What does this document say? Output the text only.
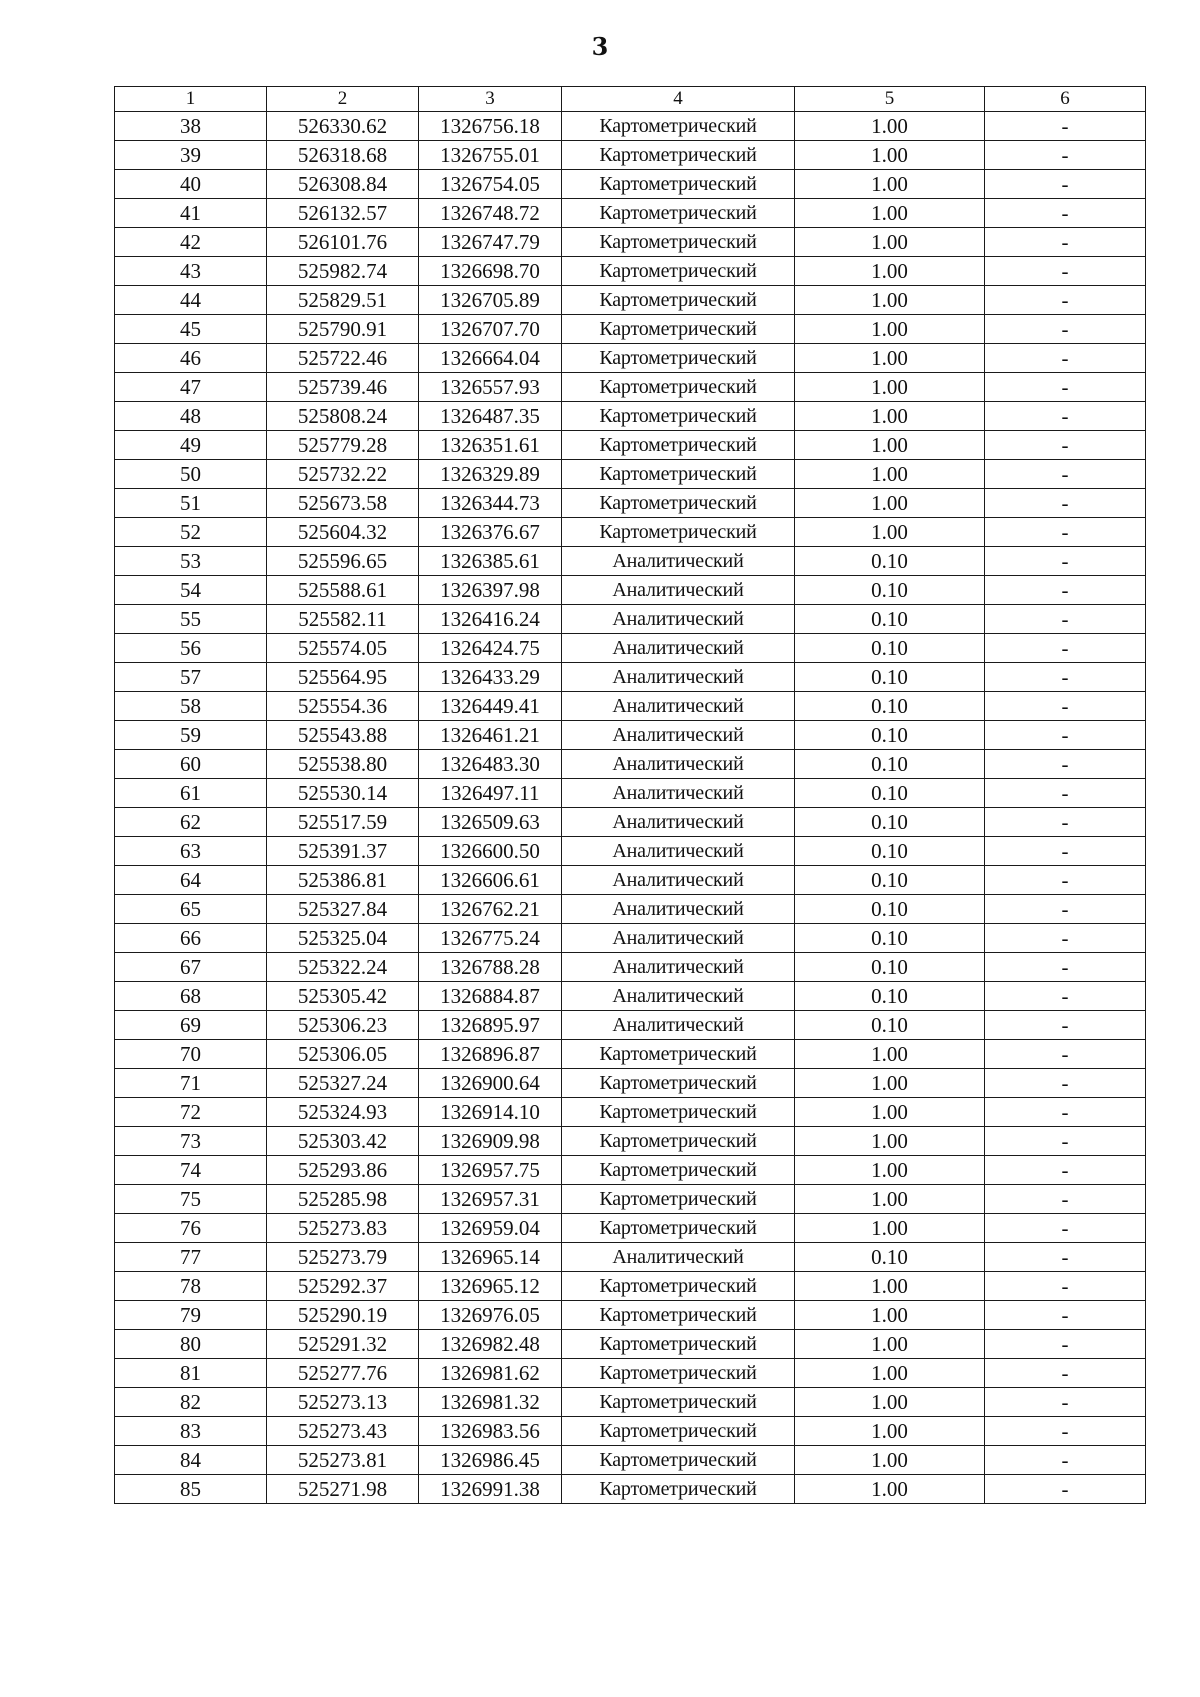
3
1	2	3	4	5	6
38	526330.62	1326756.18	Картометрический	1.00	-
39	526318.68	1326755.01	Картометрический	1.00	-
40	526308.84	1326754.05	Картометрический	1.00	-
41	526132.57	1326748.72	Картометрический	1.00	-
42	526101.76	1326747.79	Картометрический	1.00	-
43	525982.74	1326698.70	Картометрический	1.00	-
44	525829.51	1326705.89	Картометрический	1.00	-
45	525790.91	1326707.70	Картометрический	1.00	-
46	525722.46	1326664.04	Картометрический	1.00	-
47	525739.46	1326557.93	Картометрический	1.00	-
48	525808.24	1326487.35	Картометрический	1.00	-
49	525779.28	1326351.61	Картометрический	1.00	-
50	525732.22	1326329.89	Картометрический	1.00	-
51	525673.58	1326344.73	Картометрический	1.00	-
52	525604.32	1326376.67	Картометрический	1.00	-
53	525596.65	1326385.61	Аналитический	0.10	-
54	525588.61	1326397.98	Аналитический	0.10	-
55	525582.11	1326416.24	Аналитический	0.10	-
56	525574.05	1326424.75	Аналитический	0.10	-
57	525564.95	1326433.29	Аналитический	0.10	-
58	525554.36	1326449.41	Аналитический	0.10	-
59	525543.88	1326461.21	Аналитический	0.10	-
60	525538.80	1326483.30	Аналитический	0.10	-
61	525530.14	1326497.11	Аналитический	0.10	-
62	525517.59	1326509.63	Аналитический	0.10	-
63	525391.37	1326600.50	Аналитический	0.10	-
64	525386.81	1326606.61	Аналитический	0.10	-
65	525327.84	1326762.21	Аналитический	0.10	-
66	525325.04	1326775.24	Аналитический	0.10	-
67	525322.24	1326788.28	Аналитический	0.10	-
68	525305.42	1326884.87	Аналитический	0.10	-
69	525306.23	1326895.97	Аналитический	0.10	-
70	525306.05	1326896.87	Картометрический	1.00	-
71	525327.24	1326900.64	Картометрический	1.00	-
72	525324.93	1326914.10	Картометрический	1.00	-
73	525303.42	1326909.98	Картометрический	1.00	-
74	525293.86	1326957.75	Картометрический	1.00	-
75	525285.98	1326957.31	Картометрический	1.00	-
76	525273.83	1326959.04	Картометрический	1.00	-
77	525273.79	1326965.14	Аналитический	0.10	-
78	525292.37	1326965.12	Картометрический	1.00	-
79	525290.19	1326976.05	Картометрический	1.00	-
80	525291.32	1326982.48	Картометрический	1.00	-
81	525277.76	1326981.62	Картометрический	1.00	-
82	525273.13	1326981.32	Картометрический	1.00	-
83	525273.43	1326983.56	Картометрический	1.00	-
84	525273.81	1326986.45	Картометрический	1.00	-
85	525271.98	1326991.38	Картометрический	1.00	-
